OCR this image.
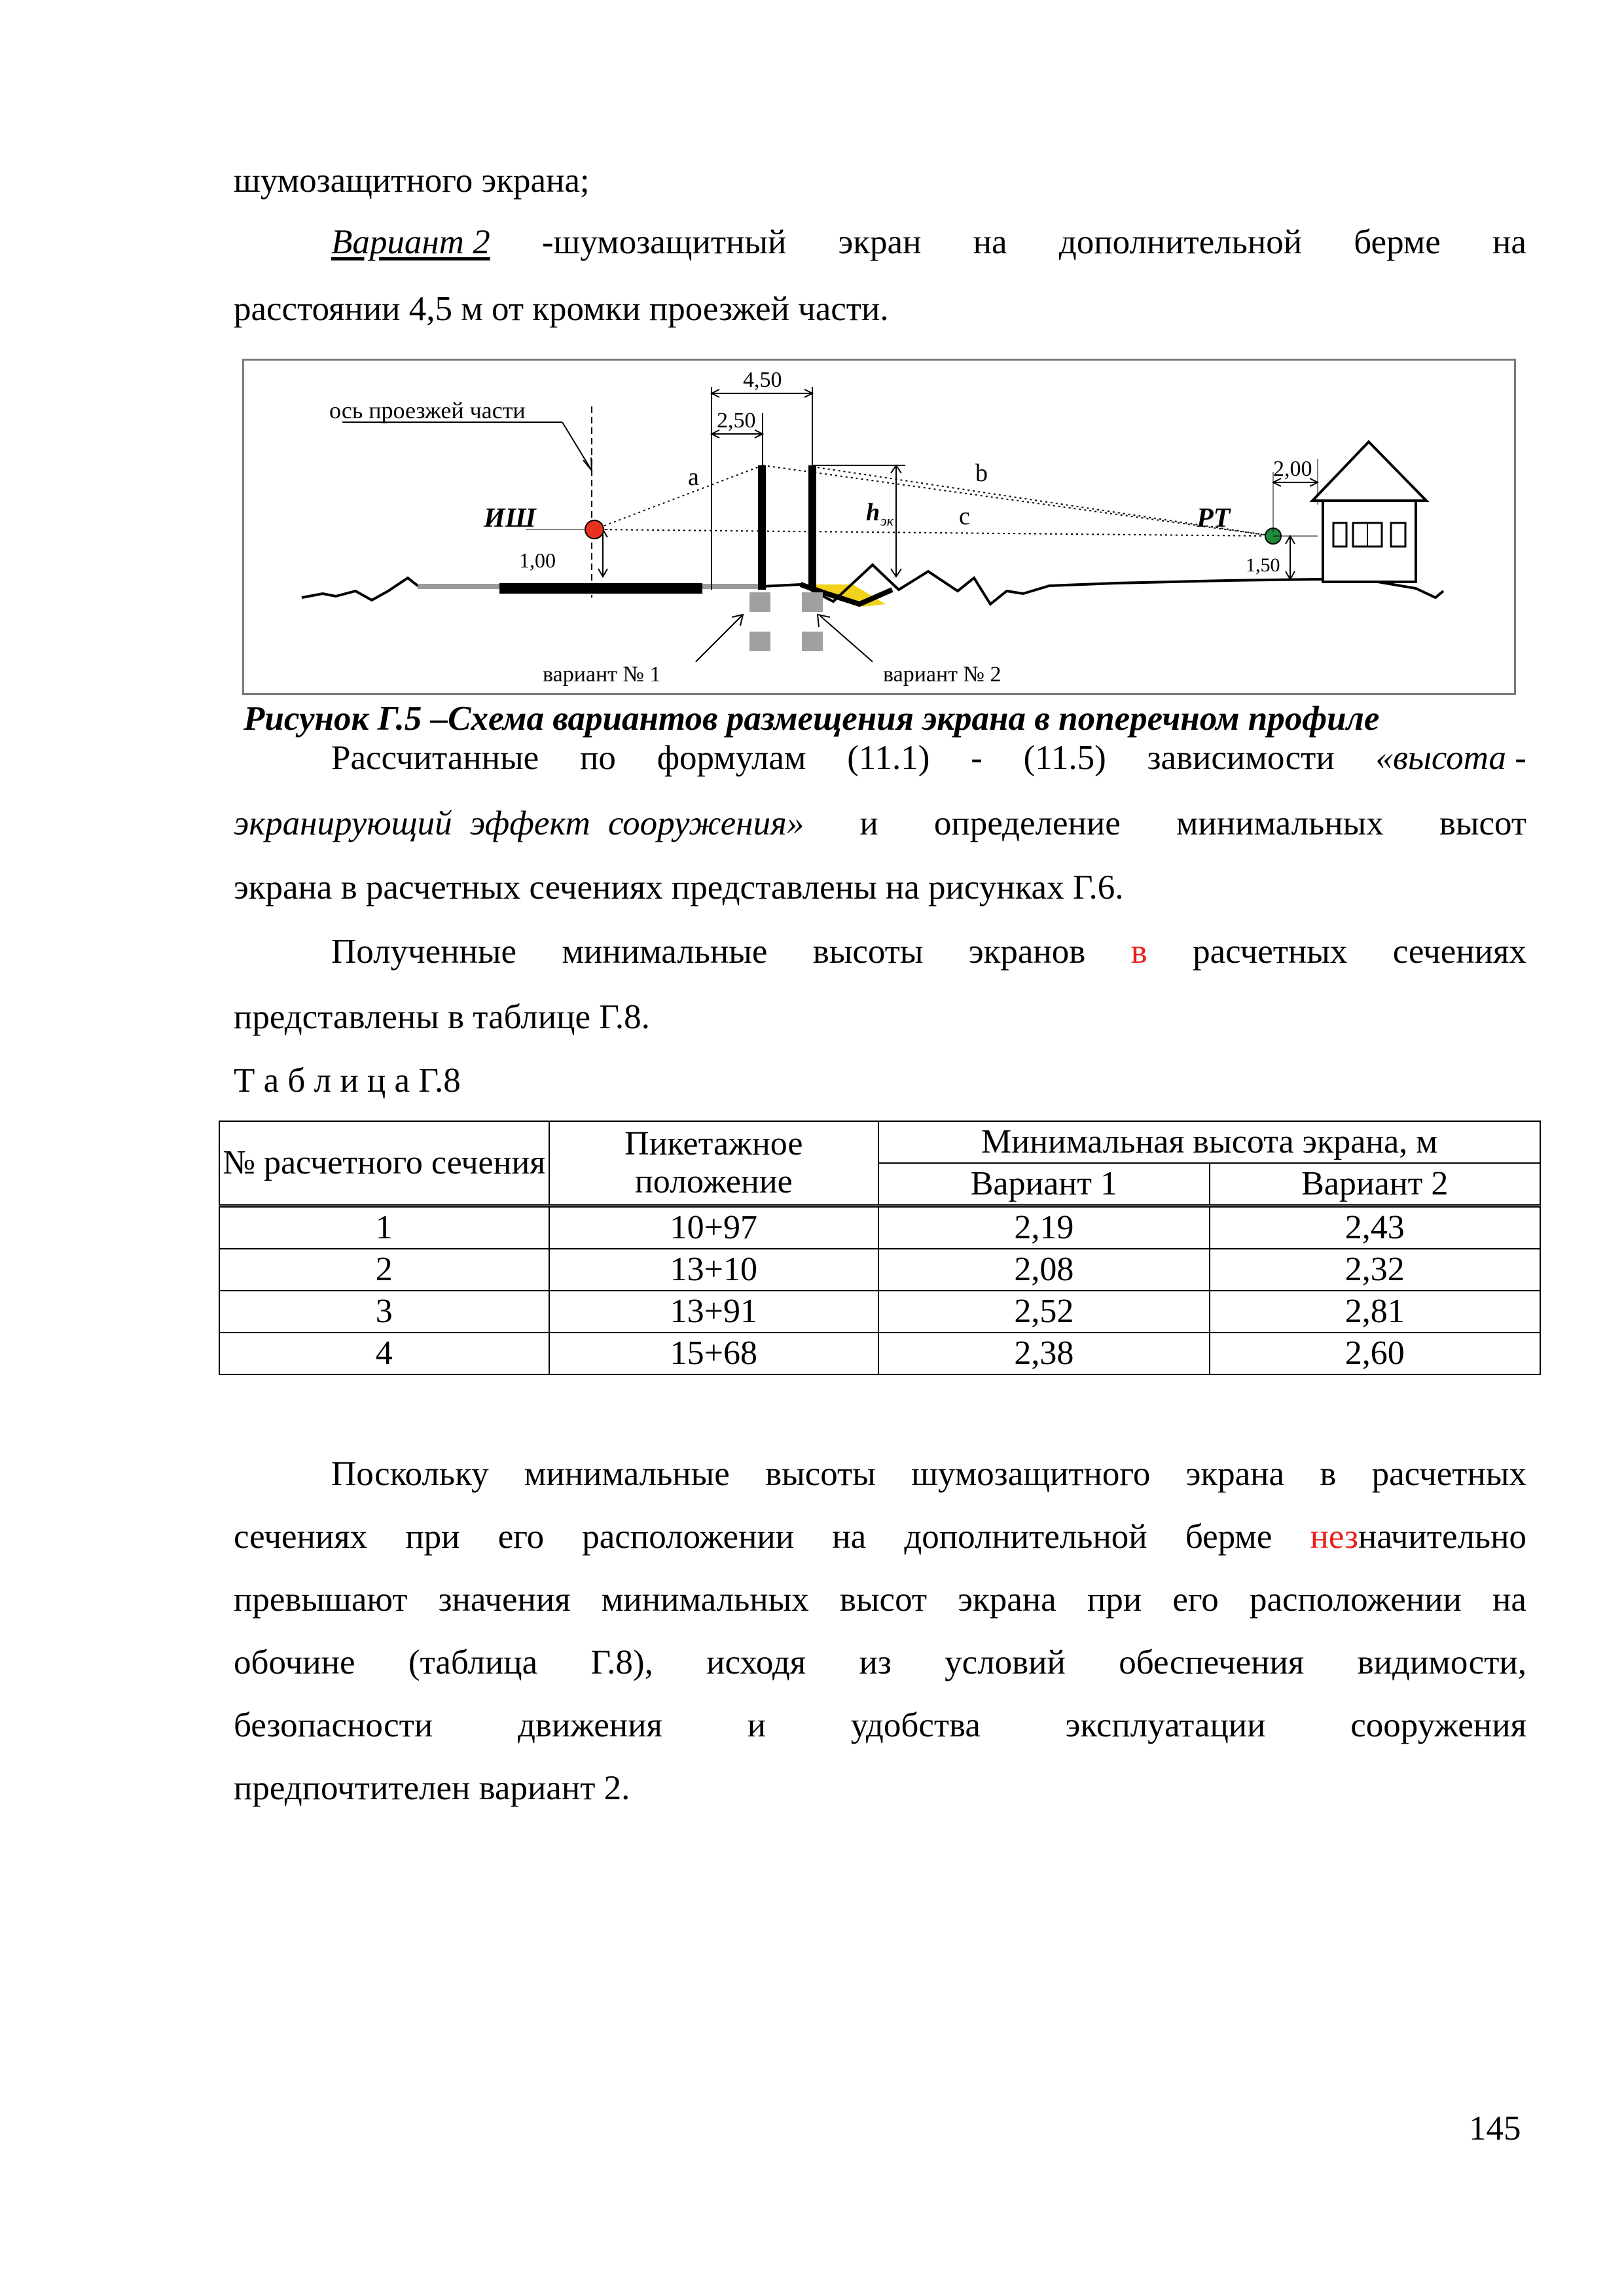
шумозащитного экрана;
Вариант 2 -шумозащитный экран на дополнительной берме на
расстоянии 4,5 м от кромки проезжей части.
ось проезжей части
ИШ	РТ
4,50
2,50
2,00
1,00	1,50
a	b
c
h эк
вариант № 1	вариант № 2
Рисунок Г.5 –Схема вариантов размещения экрана в поперечном профиле
Рассчитанные по формулам (11.1) - (11.5) зависимости «высота -
экранирующий эффект сооружения» и определение минимальных высот
экрана в расчетных сечениях представлены на рисунках Г.6.
Полученные минимальные высоты экранов в расчетных сечениях
представлены в таблице Г.8.
Т а б л и ц а Г.8
№ расчетного сечения	Пикетажное положение	Минимальная высота экрана, м	
		Вариант 1	Вариант 2
1	10+97	2,19	2,43
2	13+10	2,08	2,32
3	13+91	2,52	2,81
4	15+68	2,38	2,60
Поскольку минимальные высоты шумозащитного экрана в расчетных
сечениях при его расположении на дополнительной берме незначительно
превышают значения минимальных высот экрана при его расположении на
обочине (таблица Г.8), исходя из условий обеспечения видимости,
безопасности движения и удобства эксплуатации сооружения
предпочтителен вариант 2.
145
